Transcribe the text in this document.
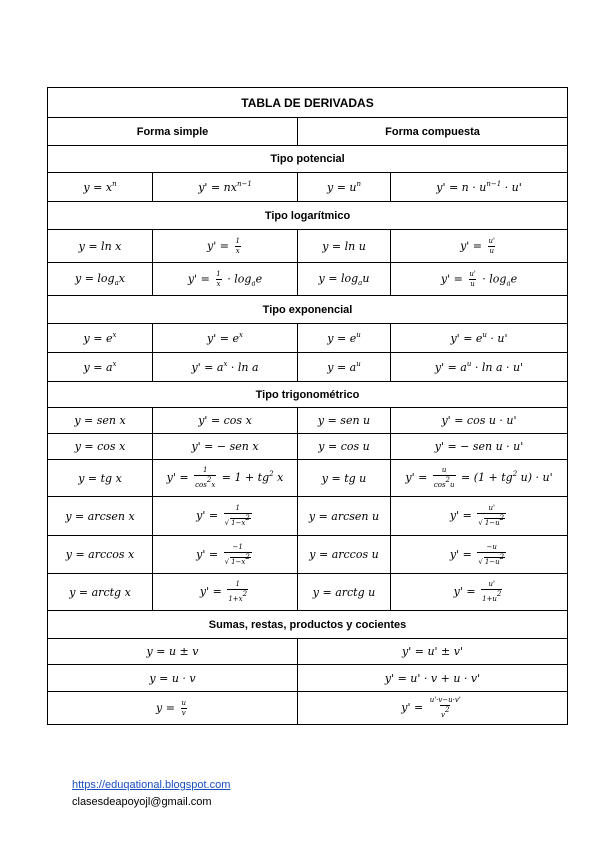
TABLA DE DERIVADAS			
Forma simple		Forma compuesta	
Tipo potencial			
$y = x^n$	$y' = nx^{n-1}$	$y = u^n$	$y' = n \cdot u^{n-1} \cdot u'$
Tipo logarítmico			
y = ln x	$y' = \frac{1}{x}$	y = ln u	$y' = \frac{u'}{u}$

$y = \log_ax$	$y' = \frac{1}{x} \cdot \log_ae$	$y = \log_au$	$y' = \frac{u'}{u} \cdot \log_ae$
Tipo exponencial			
$y = e^x$	$y' = e^x$	$y = e^u$	$y' = e^u \cdot u'$
$y = a^x$	$y' = a^x \cdot \ln a$	$y = a^u$	$y' = a^u \cdot \ln a \cdot u'$
Tipo trigonométrico			
y = sen x	y' = cos x	y = sen u	y' = cos u · u'
y = cos x	y' = − sen x	y = cos u	y' = − sen u · u'
y = tg x	$y' = \frac{1}{\cos^2x} = 1 + tg^2$ x	y = tg u	$y' = \frac{u}{\cos^2u} = (1 + tg^2$ u) · u'
y = arcsen x	$y' = \frac{1}{√ 1-x^2}$	y = arcsen u	$y' = \frac{u'}{√ 1-u^2}$

y = arccos x	$y' = \frac{-1}{√ 1-x^2}$	y = arccos u	$y' = \frac{-u}{√ 1-u^2}$

y = arctg x	$y' = \frac{1}{1+x^2}$	y = arctg u	$y' = \frac{u'}{1+u^2}$

Sumas, restas, productos y cocientes			
y = u ± v		y' = u' ± v'	
y = u · v		y' = u' · v + u · v'	
$y = \frac{u}{v}$		$y' = \frac{u'\cdot v-u\cdot v'}{v^2}$
https://eduqational.blogspot.com
clasesdeapoyojl@gmail.com
